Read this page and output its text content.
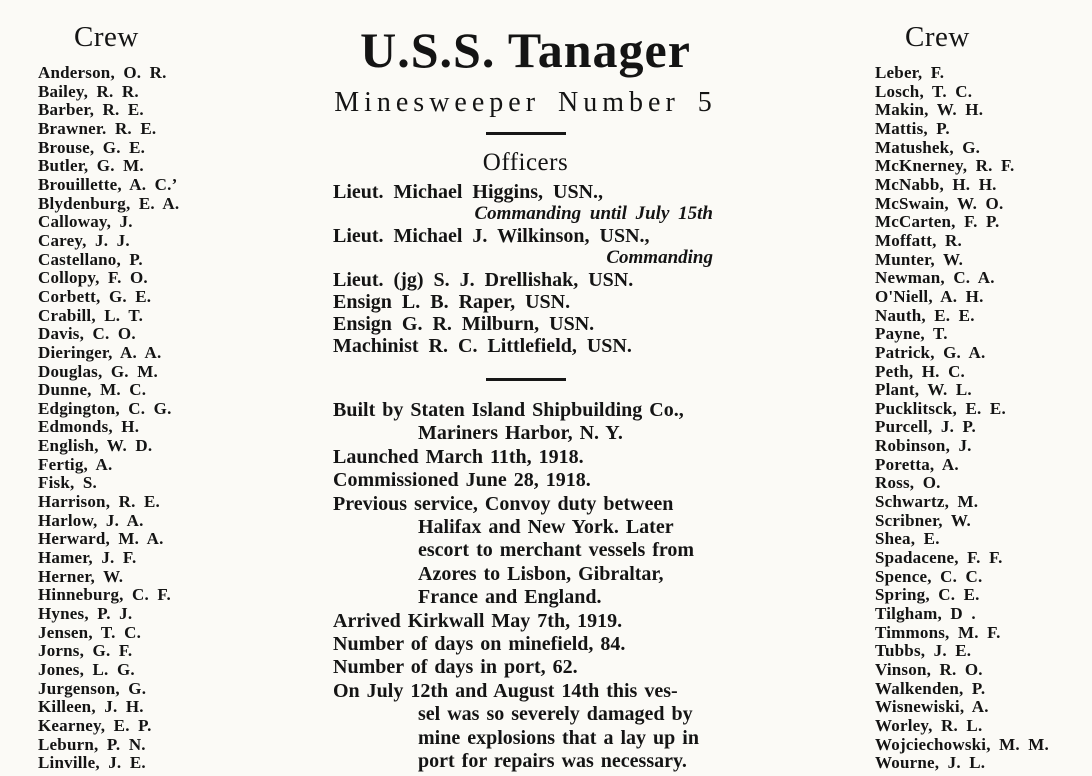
Crew
Anderson, O. R.
Bailey, R. R.
Barber, R. E.
Brawner. R. E.
Brouse, G. E.
Butler, G. M.
Brouillette, A. C.’
Blydenburg, E. A.
Calloway, J.
Carey, J. J.
Castellano, P.
Collopy, F. O.
Corbett, G. E.
Crabill, L. T.
Davis, C. O.
Dieringer, A. A.
Douglas, G. M.
Dunne, M. C.
Edgington, C. G.
Edmonds, H.
English, W. D.
Fertig, A.
Fisk, S.
Harrison, R. E.
Harlow, J. A.
Herward, M. A.
Hamer, J. F.
Herner, W.
Hinneburg, C. F.
Hynes, P. J.
Jensen, T. C.
Jorns, G. F.
Jones, L. G.
Jurgenson, G.
Killeen, J. H.
Kearney, E. P.
Leburn, P. N.
Linville, J. E.
U.S.S. Tanager
Minesweeper Number 5
Officers
Lieut. Michael Higgins, USN.,
Commanding until July 15th
Lieut. Michael J. Wilkinson, USN.,
Commanding
Lieut. (jg) S. J. Drellishak, USN.
Ensign L. B. Raper, USN.
Ensign G. R. Milburn, USN.
Machinist R. C. Littlefield, USN.
Built by Staten Island Shipbuilding Co.,
Mariners Harbor, N. Y.
Launched March 11th, 1918.
Commissioned June 28, 1918.
Previous service, Convoy duty between
Halifax and New York. Later
escort to merchant vessels from
Azores to Lisbon, Gibraltar,
France and England.
Arrived Kirkwall May 7th, 1919.
Number of days on minefield, 84.
Number of days in port, 62.
On July 12th and August 14th this ves-
sel was so severely damaged by
mine explosions that a lay up in
port for repairs was necessary.
Crew
Leber, F.
Losch, T. C.
Makin, W. H.
Mattis, P.
Matushek, G.
McKnerney, R. F.
McNabb, H. H.
McSwain, W. O.
McCarten, F. P.
Moffatt, R.
Munter, W.
Newman, C. A.
O'Niell, A. H.
Nauth, E. E.
Payne, T.
Patrick, G. A.
Peth, H. C.
Plant, W. L.
Pucklitsck, E. E.
Purcell, J. P.
Robinson, J.
Poretta, A.
Ross, O.
Schwartz, M.
Scribner, W.
Shea, E.
Spadacene, F. F.
Spence, C. C.
Spring, C. E.
Tilgham, D .
Timmons, M. F.
Tubbs, J. E.
Vinson, R. O.
Walkenden, P.
Wisnewiski, A.
Worley, R. L.
Wojciechowski, M. M.
Wourne, J. L.
